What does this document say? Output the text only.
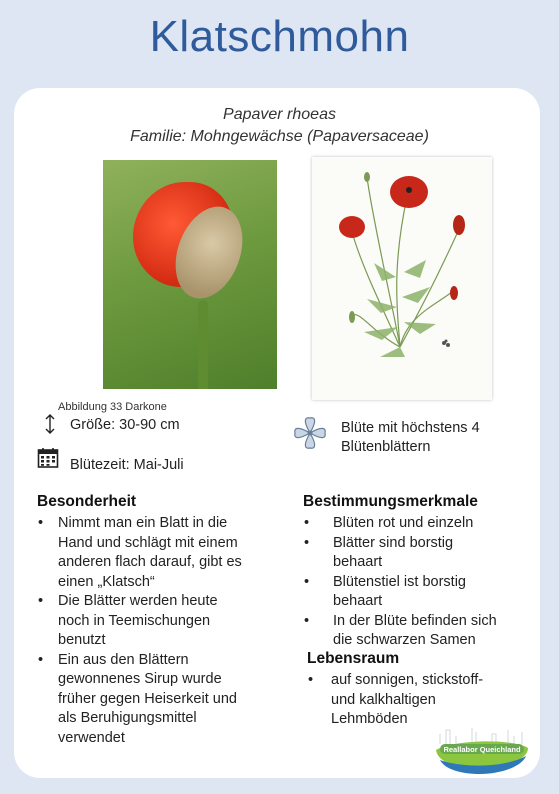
Klatschmohn
Papaver rhoeas
Familie: Mohngewächse (Papaversaceae)
Abbildung 33 Darkone
Größe: 30-90 cm
Blütezeit: Mai-Juli
Blüte mit höchstens 4
Blütenblättern
Besonderheit
• Nimmt man ein Blatt in die
Hand und schlägt mit einem
anderen flach darauf, gibt es
einen „Klatsch“
• Die Blätter werden heute
noch in Teemischungen
benutzt
• Ein aus den Blättern
gewonnenes Sirup wurde
früher gegen Heiserkeit und
als Beruhigungsmittel
verwendet
Bestimmungsmerkmale
• Blüten rot und einzeln
• Blätter sind borstig
behaart
• Blütenstiel ist borstig
behaart
• In der Blüte befinden sich
die schwarzen Samen
Lebensraum
• auf sonnigen, stickstoff-
und kalkhaltigen
Lehmböden
Reallabor Queichland
